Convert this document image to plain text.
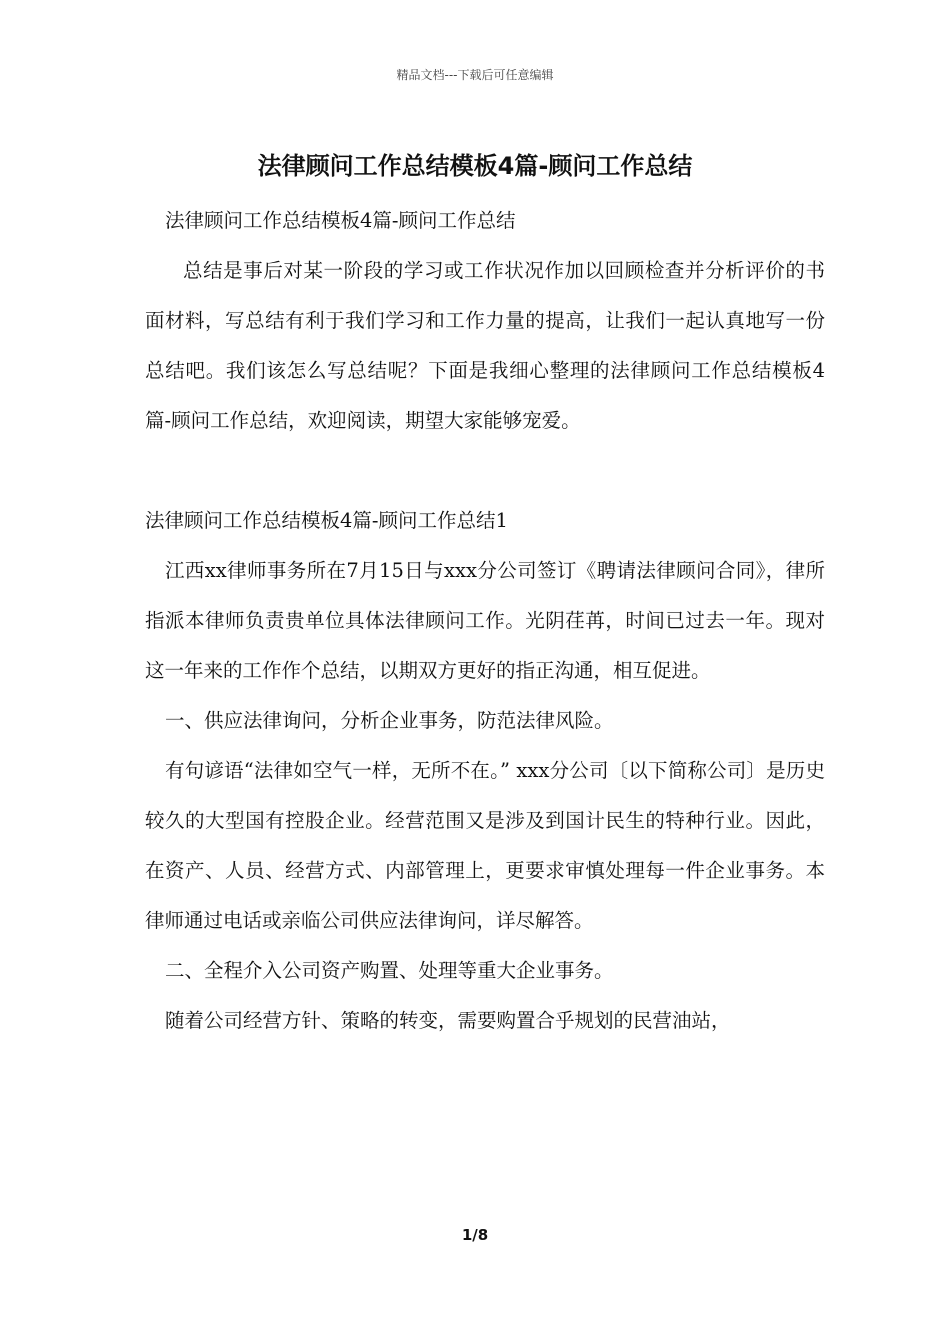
精品文档---下载后可任意编辑
法律顾问工作总结模板4篇-顾问工作总结

法律顾问工作总结模板4篇-顾问工作总结

总结是事后对某一阶段的学习或工作状况作加以回顾检查并分析评价的书面材料，写总结有利于我们学习和工作力量的提高，让我们一起认真地写一份总结吧。我们该怎么写总结呢？下面是我细心整理的法律顾问工作总结模板4篇-顾问工作总结，欢迎阅读，期望大家能够宠爱。

法律顾问工作总结模板4篇-顾问工作总结1

江西xx律师事务所在7月15日与xxx分公司签订《聘请法律顾问合同》，律所指派本律师负责贵单位具体法律顾问工作。光阴荏苒，时间已过去一年。现对这一年来的工作作个总结，以期双方更好的指正沟通，相互促进。

一、供应法律询问，分析企业事务，防范法律风险。

有句谚语“法律如空气一样，无所不在。” xxx分公司〔以下简称公司〕是历史较久的大型国有控股企业。经营范围又是涉及到国计民生的特种行业。因此，在资产、人员、经营方式、内部管理上，更要求审慎处理每一件企业事务。本律师通过电话或亲临公司供应法律询问，详尽解答。

二、全程介入公司资产购置、处理等重大企业事务。

随着公司经营方针、策略的转变，需要购置合乎规划的民营油站，

1/8
